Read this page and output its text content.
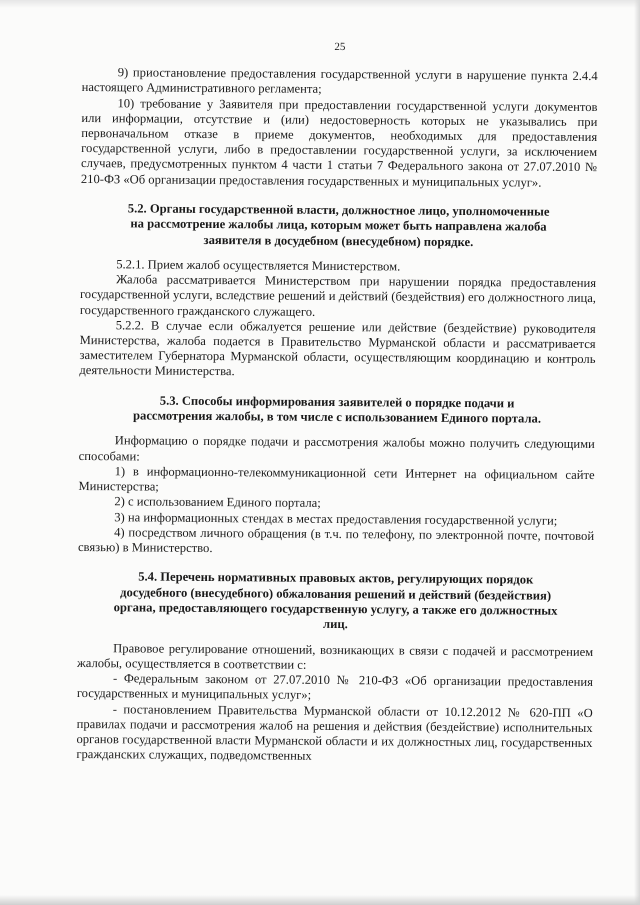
25

9) приостановление предоставления государственной услуги в нарушение пункта 2.4.4 настоящего Административного регламента;

10) требование у Заявителя при предоставлении государственной услуги документов или информации, отсутствие и (или) недостоверность которых не указывались при первоначальном отказе в приеме документов, необходимых для предоставления государственной услуги, либо в предоставлении государственной услуги, за исключением случаев, предусмотренных пунктом 4 части 1 статьи 7 Федерального закона от 27.07.2010 № 210-ФЗ «Об организации предоставления государственных и муниципальных услуг».

5.2. Органы государственной власти, должностное лицо, уполномоченные
на рассмотрение жалобы лица, которым может быть направлена жалоба
заявителя в досудебном (внесудебном) порядке.

5.2.1. Прием жалоб осуществляется Министерством.

Жалоба рассматривается Министерством при нарушении порядка предоставления государственной услуги, вследствие решений и действий (бездействия) его должностного лица, государственного гражданского служащего.

5.2.2. В случае если обжалуется решение или действие (бездействие) руководителя Министерства, жалоба подается в Правительство Мурманской области и рассматривается заместителем Губернатора Мурманской области, осуществляющим координацию и контроль деятельности Министерства.

5.3. Способы информирования заявителей о порядке подачи и
рассмотрения жалобы, в том числе с использованием Единого портала.

Информацию о порядке подачи и рассмотрения жалобы можно получить следующими способами:

1) в информационно-телекоммуникационной сети Интернет на официальном сайте Министерства;

2) с использованием Единого портала;

3) на информационных стендах в местах предоставления государственной услуги;

4) посредством личного обращения (в т.ч. по телефону, по электронной почте, почтовой связью) в Министерство.

5.4. Перечень нормативных правовых актов, регулирующих порядок
досудебного (внесудебного) обжалования решений и действий (бездействия)
органа, предоставляющего государственную услугу, а также его должностных
лиц.

Правовое регулирование отношений, возникающих в связи с подачей и рассмотрением жалобы, осуществляется в соответствии с:

- Федеральным законом от 27.07.2010 № 210-ФЗ «Об организации предоставления государственных и муниципальных услуг»;

- постановлением Правительства Мурманской области от 10.12.2012 № 620-ПП «О правилах подачи и рассмотрения жалоб на решения и действия (бездействие) исполнительных органов государственной власти Мурманской области и их должностных лиц, государственных гражданских служащих, подведомственных
